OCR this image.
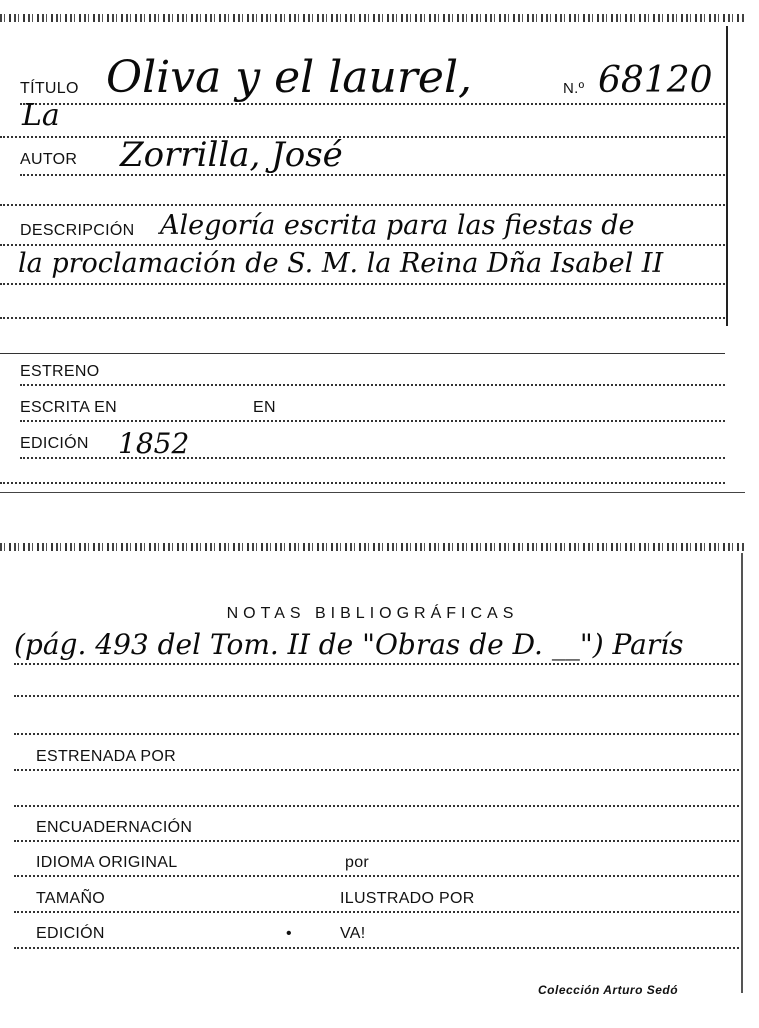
TÍTULO Oliva y el laurel,	N.º 68120
La
AUTOR Zorrilla, José
DESCRIPCIÓN Alegoría escrita para las fiestas de
la proclamación de S. M. la Reina Dña Isabel II
ESTRENO
ESCRITA EN	EN
EDICIÓN 1852
NOTAS BIBLIOGRÁFICAS
(pág. 493 del Tom. II de "Obras de D. __") París
ESTRENADA POR
ENCUADERNACIÓN
IDIOMA ORIGINAL	por
TAMAÑO	ILUSTRADO POR
EDICIÓN	•	VA!
Colección Arturo Sedó
